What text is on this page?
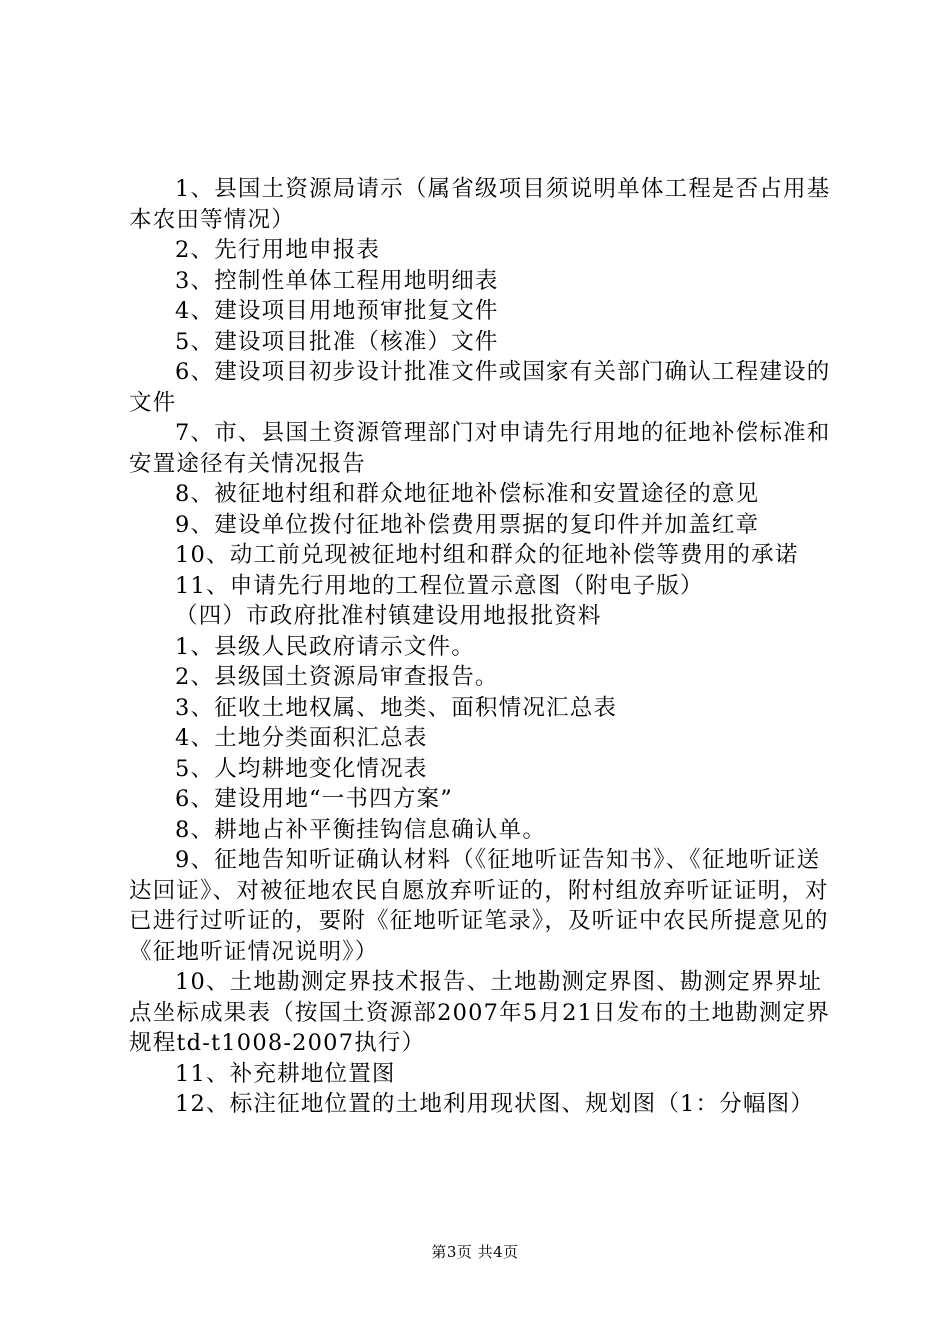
1、县国土资源局请示（属省级项目须说明单体工程是否占用基本农田等情况）

2、先行用地申报表

3、控制性单体工程用地明细表

4、建设项目用地预审批复文件

5、建设项目批准（核准）文件

6、建设项目初步设计批准文件或国家有关部门确认工程建设的文件

7、市、县国土资源管理部门对申请先行用地的征地补偿标准和安置途径有关情况报告

8、被征地村组和群众地征地补偿标准和安置途径的意见

9、建设单位拨付征地补偿费用票据的复印件并加盖红章

10、动工前兑现被征地村组和群众的征地补偿等费用的承诺

11、申请先行用地的工程位置示意图（附电子版）

（四）市政府批准村镇建设用地报批资料

1、县级人民政府请示文件。

2、县级国土资源局审查报告。

3、征收土地权属、地类、面积情况汇总表

4、土地分类面积汇总表

5、人均耕地变化情况表

6、建设用地“一书四方案”

8、耕地占补平衡挂钩信息确认单。

9、征地告知听证确认材料（《征地听证告知书》、《征地听证送达回证》、对被征地农民自愿放弃听证的，附村组放弃听证证明，对已进行过听证的，要附《征地听证笔录》，及听证中农民所提意见的《征地听证情况说明》）

10、土地勘测定界技术报告、土地勘测定界图、勘测定界界址点坐标成果表（按国土资源部2007年5月21日发布的土地勘测定界规程td-t1008-2007执行）

11、补充耕地位置图

12、标注征地位置的土地利用现状图、规划图（1：分幅图）

第3页 共4页
